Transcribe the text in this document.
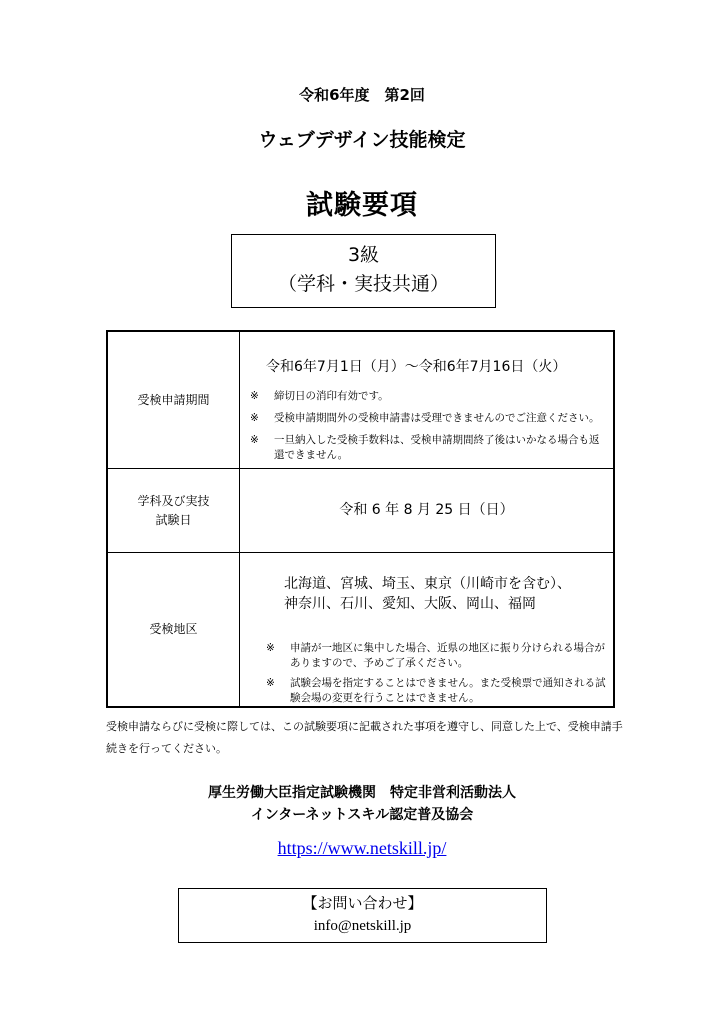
令和6年度　第2回
ウェブデザイン技能検定
試験要項
3級
（学科・実技共通）
受検申請期間
令和6年7月1日（月）～令和6年7月16日（火）
※ 締切日の消印有効です。
※ 受検申請期間外の受検申請書は受理できませんのでご注意ください。
※ 一旦納入した受検手数料は、受検申請期間終了後はいかなる場合も返還できません。
学科及び実技
試験日
令和 6 年 8 月 25 日（日）
受検地区
北海道、宮城、埼玉、東京（川崎市を含む）、
神奈川、石川、愛知、大阪、岡山、福岡
※ 申請が一地区に集中した場合、近県の地区に振り分けられる場合がありますので、予めご了承ください。
※ 試験会場を指定することはできません。また受検票で通知される試験会場の変更を行うことはできません。
受検申請ならびに受検に際しては、この試験要項に記載された事項を遵守し、同意した上で、受検申請手続きを行ってください。
厚生労働大臣指定試験機関　特定非営利活動法人
インターネットスキル認定普及協会
https://www.netskill.jp/
【お問い合わせ】
info@netskill.jp
